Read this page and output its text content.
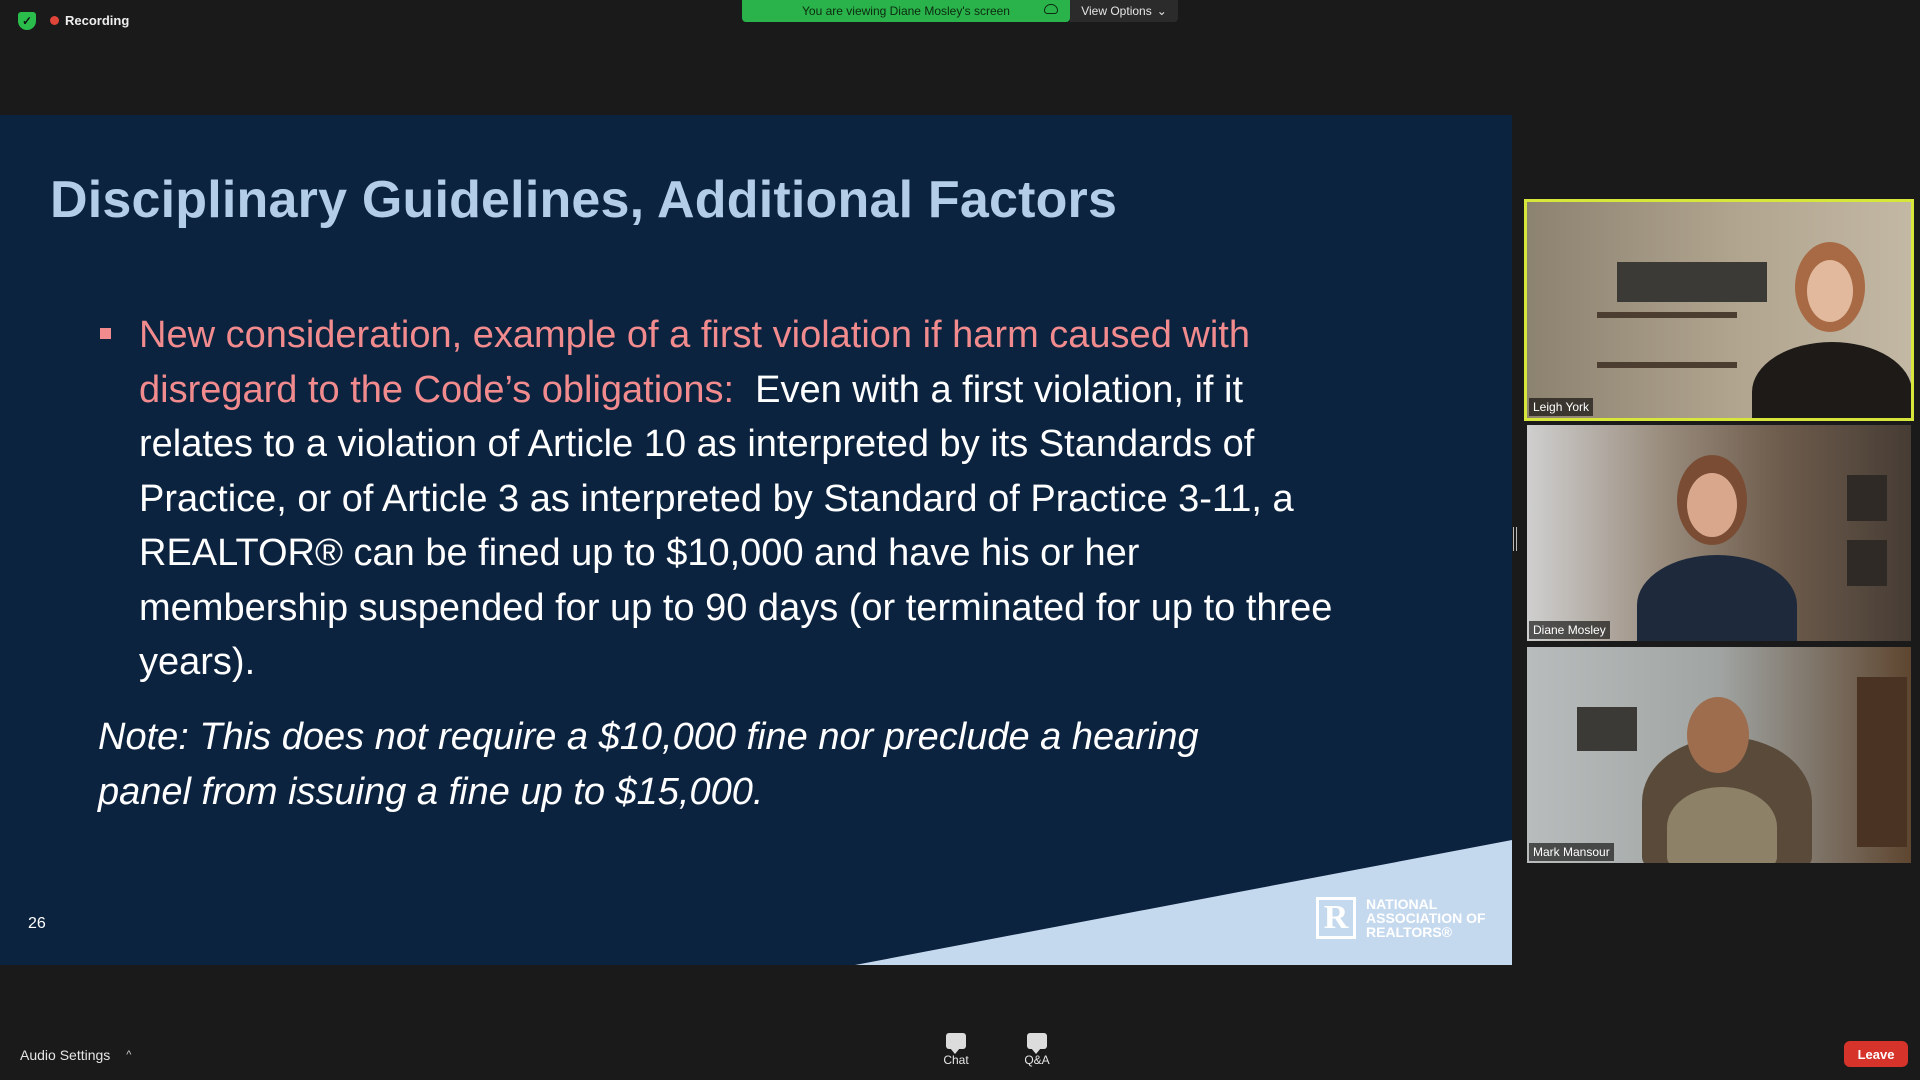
✓	Recording
You are viewing Diane Mosley's screen	View Options ⌄
Disciplinary Guidelines, Additional Factors
New consideration, example of a first violation if harm caused with disregard to the Code’s obligations: Even with a first violation, if it relates to a violation of Article 10 as interpreted by its Standards of Practice, or of Article 3 as interpreted by Standard of Practice 3-11, a REALTOR® can be fined up to $10,000 and have his or her membership suspended for up to 90 days (or terminated for up to three years).
Note: This does not require a $10,000 fine nor preclude a hearing panel from issuing a fine up to $15,000.
26	R	NATIONAL
ASSOCIATION OF
REALTORS®
Leigh York
Diane Mosley
Mark Mansour
Audio Settings ^	Chat	Q&A	Leave
